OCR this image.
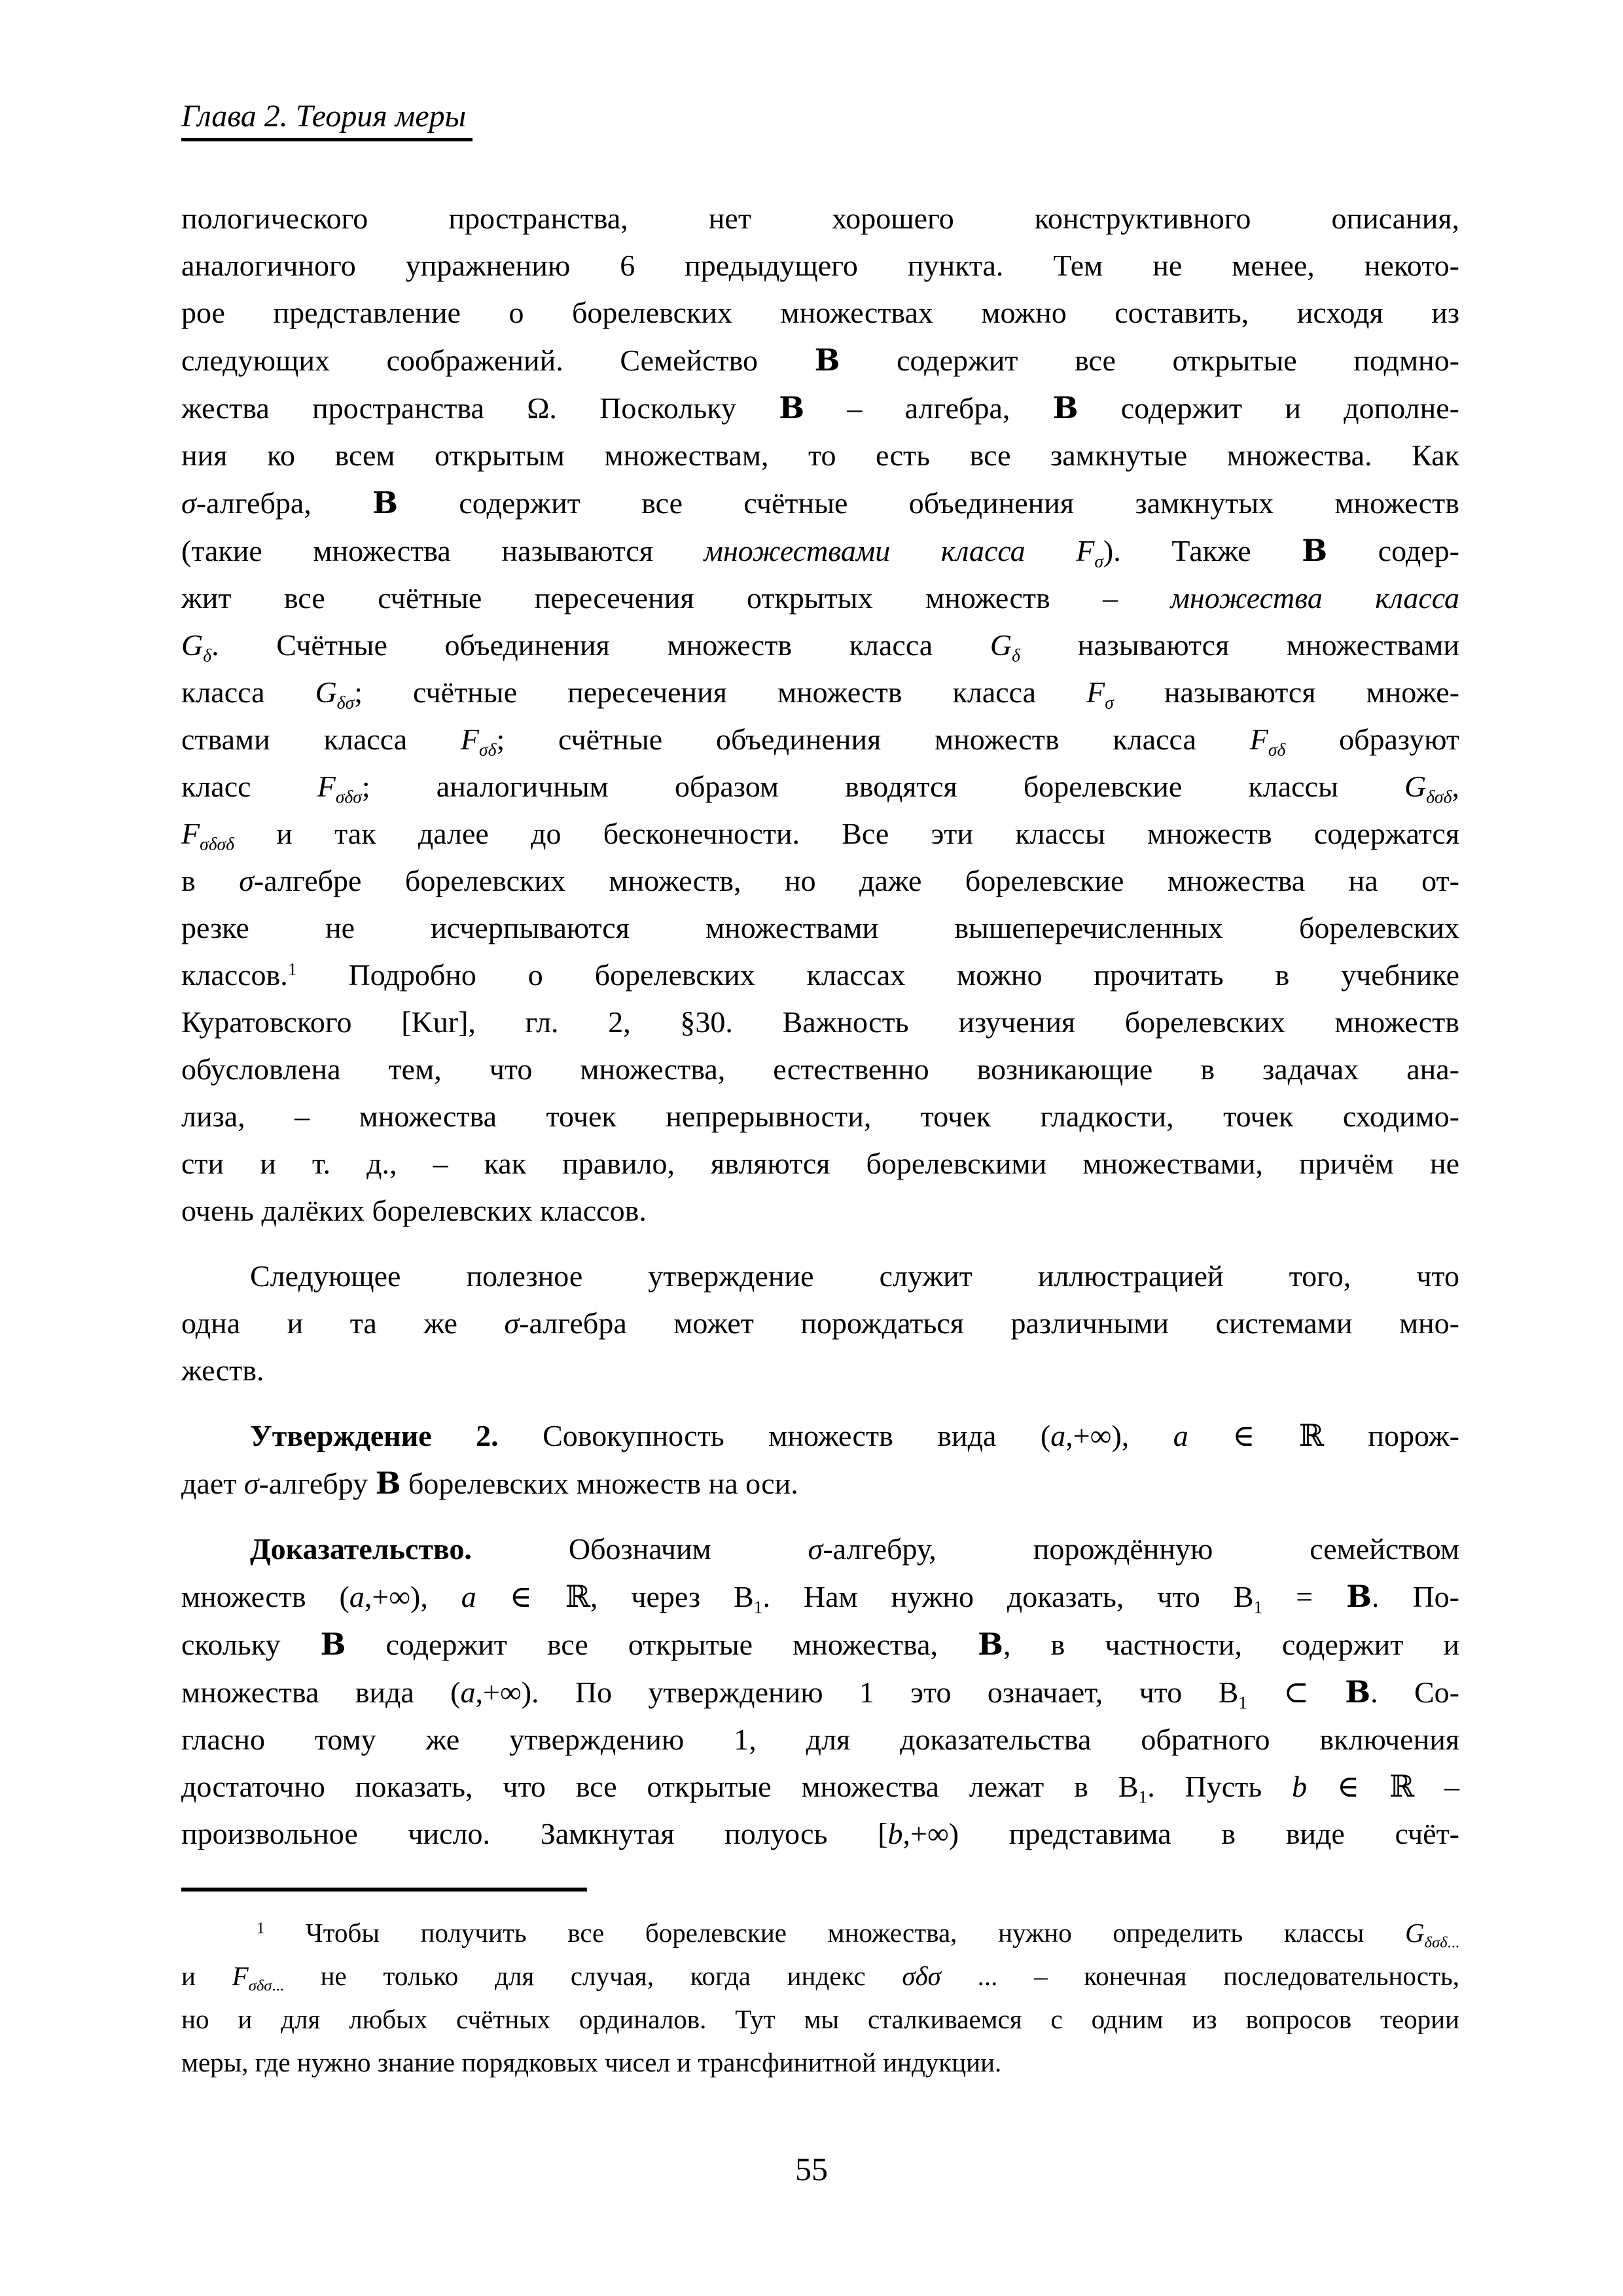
Глава 2. Теория меры
пологического пространства, нет хорошего конструктивного описания,
аналогичного упражнению 6 предыдущего пункта. Тем не менее, некото-
рое представление о борелевских множествах можно составить, исходя из
следующих соображений. Семейство B содержит все открытые подмно-
жества пространства Ω. Поскольку B – алгебра, B содержит и дополне-
ния ко всем открытым множествам, то есть все замкнутые множества. Как
σ-алгебра, B содержит все счётные объединения замкнутых множеств
(такие множества называются множествами класса $F_\sigma$). Также B содер-
жит все счётные пересечения открытых множеств – множества класса
$G_\delta$. Счётные объединения множеств класса $G_\delta$ называются множествами
класса $G_{\delta\sigma}$; счётные пересечения множеств класса $F_\sigma$ называются множе-
ствами класса $F_{\sigma\delta}$; счётные объединения множеств класса $F_{\sigma\delta}$ образуют
класс $F_{\sigma\delta\sigma}$; аналогичным образом вводятся борелевские классы $G_{\delta\sigma\delta}$,
$F_{\sigma\delta\sigma\delta}$ и так далее до бесконечности. Все эти классы множеств содержатся
в σ-алгебре борелевских множеств, но даже борелевские множества на от-
резке не исчерпываются множествами вышеперечисленных борелевских
классов.$^1$ Подробно о борелевских классах можно прочитать в учебнике
Куратовского [Kur], гл. 2, §30. Важность изучения борелевских множеств
обусловлена тем, что множества, естественно возникающие в задачах ана-
лиза, – множества точек непрерывности, точек гладкости, точек сходимо-
сти и т. д., – как правило, являются борелевскими множествами, причём не
очень далёких борелевских классов.
Следующее полезное утверждение служит иллюстрацией того, что
одна и та же σ-алгебра может порождаться различными системами мно-
жеств.
Утверждение 2. Совокупность множеств вида (a,+∞), a ∈ ℝ порож-
дает σ-алгебру B борелевских множеств на оси.
Доказательство. Обозначим σ-алгебру, порождённую семейством
множеств (a,+∞), a ∈ ℝ, через $B_1$. Нам нужно доказать, что $B_1 = B$. По-
скольку B содержит все открытые множества, B, в частности, содержит и
множества вида (a,+∞). По утверждению 1 это означает, что $B_1$ ⊂ B. Со-
гласно тому же утверждению 1, для доказательства обратного включения
достаточно показать, что все открытые множества лежат в $B_1$. Пусть b ∈ ℝ –
произвольное число. Замкнутая полуось [b,+∞) представима в виде счёт-
$^1$ Чтобы получить все борелевские множества, нужно определить классы $G_{\delta\sigma\delta...}$
и $F_{\sigma\delta\sigma...}$ не только для случая, когда индекс σδσ ... – конечная последовательность,
но и для любых счётных ординалов. Тут мы сталкиваемся с одним из вопросов теории
меры, где нужно знание порядковых чисел и трансфинитной индукции.
55
